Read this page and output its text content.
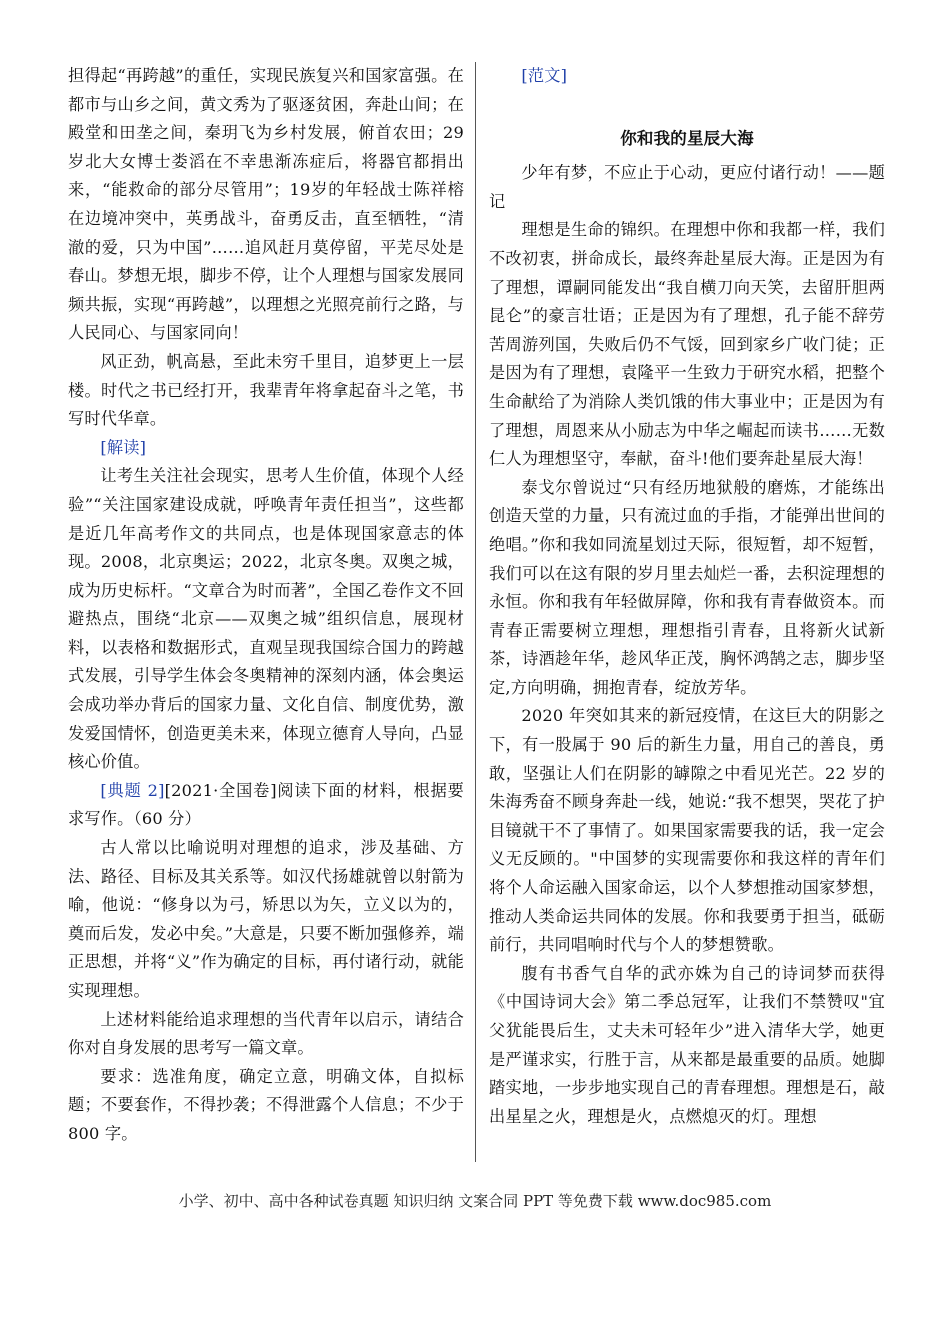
担得起“再跨越”的重任，实现民族复兴和国家富强。在都市与山乡之间，黄文秀为了驱逐贫困，奔赴山间；在殿堂和田垄之间，秦玥飞为乡村发展，俯首农田；29岁北大女博士娄滔在不幸患渐冻症后，将器官都捐出来，“能救命的部分尽管用”；19岁的年轻战士陈祥榕在边境冲突中，英勇战斗，奋勇反击，直至牺牲，“清澈的爱，只为中国”……追风赶月莫停留，平芜尽处是春山。梦想无垠，脚步不停，让个人理想与国家发展同频共振，实现“再跨越”，以理想之光照亮前行之路，与人民同心、与国家同向！

风正劲，帆高悬，至此未穷千里目，追梦更上一层楼。时代之书已经打开，我辈青年将拿起奋斗之笔，书写时代华章。

[解读]

让考生关注社会现实，思考人生价值，体现个人经验”“关注国家建设成就，呼唤青年责任担当”，这些都是近几年高考作文的共同点，也是体现国家意志的体现。2008，北京奥运；2022，北京冬奥。双奥之城，成为历史标杆。“文章合为时而著”，全国乙卷作文不回避热点，围绕“北京——双奥之城”组织信息，展现材料，以表格和数据形式，直观呈现我国综合国力的跨越式发展，引导学生体会冬奥精神的深刻内涵，体会奥运会成功举办背后的国家力量、文化自信、制度优势，激发爱国情怀，创造更美未来，体现立德育人导向，凸显核心价值。

[典题 2][2021·全国卷]阅读下面的材料，根据要求写作。（60 分）

古人常以比喻说明对理想的追求，涉及基础、方法、路径、目标及其关系等。如汉代扬雄就曾以射箭为喻，他说：“修身以为弓，矫思以为矢，立义以为的，奠而后发，发必中矣。”大意是，只要不断加强修养，端正思想，并将“义”作为确定的目标，再付诸行动，就能实现理想。

上述材料能给追求理想的当代青年以启示，请结合你对自身发展的思考写一篇文章。

要求：选准角度，确定立意，明确文体，自拟标题；不要套作，不得抄袭；不得泄露个人信息；不少于 800 字。

[范文]
你和我的星辰大海

少年有梦，不应止于心动，更应付诸行动！——题记

理想是生命的锦织。在理想中你和我都一样，我们不改初衷，拼命成长，最终奔赴星辰大海。正是因为有了理想，谭嗣同能发出“我自横刀向天笑，去留肝胆两昆仑”的豪言壮语；正是因为有了理想，孔子能不辞劳苦周游列国，失败后仍不气馁，回到家乡广收门徒；正是因为有了理想，袁隆平一生致力于研究水稻，把整个生命献给了为消除人类饥饿的伟大事业中；正是因为有了理想，周恩来从小励志为中华之崛起而读书……无数仁人为理想坚守，奉献，奋斗!他们要奔赴星辰大海！

泰戈尔曾说过“只有经历地狱般的磨炼，才能练出创造天堂的力量，只有流过血的手指，才能弹出世间的绝唱。”你和我如同流星划过天际，很短暂，却不短暂，我们可以在这有限的岁月里去灿烂一番，去积淀理想的永恒。你和我有年轻做屏障，你和我有青春做资本。而青春正需要树立理想，理想指引青春，且将新火试新茶，诗酒趁年华，趁风华正茂，胸怀鸿鹄之志，脚步坚定,方向明确，拥抱青春，绽放芳华。

2020 年突如其来的新冠疫情，在这巨大的阴影之下，有一股属于 90 后的新生力量，用自己的善良，勇敢，坚强让人们在阴影的罅隙之中看见光芒。22 岁的朱海秀奋不顾身奔赴一线，她说:“我不想哭，哭花了护目镜就干不了事情了。如果国家需要我的话，我一定会义无反顾的。"中国梦的实现需要你和我这样的青年们将个人命运融入国家命运，以个人梦想推动国家梦想，推动人类命运共同体的发展。你和我要勇于担当，砥砺前行，共同唱响时代与个人的梦想赞歌。

腹有书香气自华的武亦姝为自己的诗词梦而获得《中国诗词大会》第二季总冠军，让我们不禁赞叹"宜父犹能畏后生，丈夫未可轻年少”进入清华大学，她更是严谨求实，行胜于言，从来都是最重要的品质。她脚踏实地，一步步地实现自己的青春理想。理想是石，敲出星星之火，理想是火，点燃熄灭的灯。理想

小学、初中、高中各种试卷真题 知识归纳 文案合同 PPT 等免费下载 www.doc985.com
